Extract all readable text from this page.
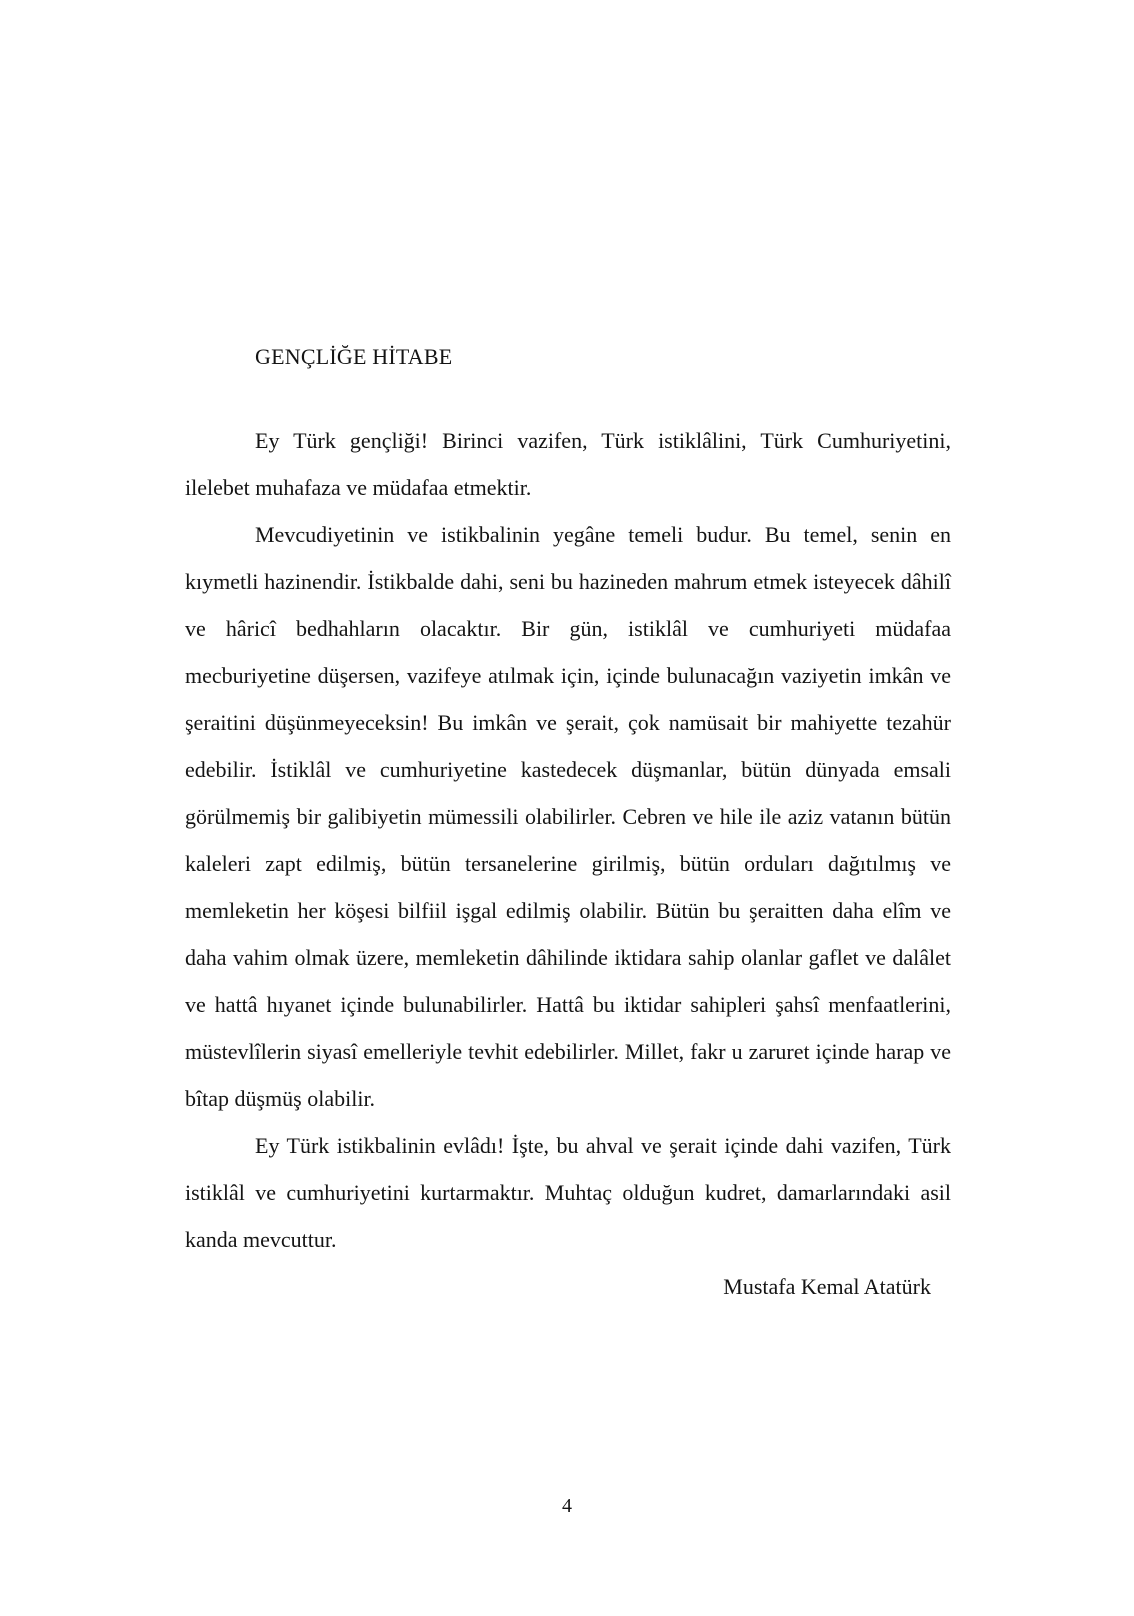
GENÇLİĞE HİTABE

Ey Türk gençliği! Birinci vazifen, Türk istiklâlini, Türk Cumhuriyetini, ilelebet muhafaza ve müdafaa etmektir.

Mevcudiyetinin ve istikbalinin yegâne temeli budur. Bu temel, senin en kıymetli hazinendir. İstikbalde dahi, seni bu hazineden mahrum etmek isteyecek dâhilî ve hâricî bedhahların olacaktır. Bir gün, istiklâl ve cumhuriyeti müdafaa mecburiyetine düşersen, vazifeye atılmak için, içinde bulunacağın vaziyetin imkân ve şeraitini düşünmeyeceksin! Bu imkân ve şerait, çok namüsait bir mahiyette tezahür edebilir. İstiklâl ve cumhuriyetine kastedecek düşmanlar, bütün dünyada emsali görülmemiş bir galibiyetin mümessili olabilirler. Cebren ve hile ile aziz vatanın bütün kaleleri zapt edilmiş, bütün tersanelerine girilmiş, bütün orduları dağıtılmış ve memleketin her köşesi bilfiil işgal edilmiş olabilir. Bütün bu şeraitten daha elîm ve daha vahim olmak üzere, memleketin dâhilinde iktidara sahip olanlar gaflet ve dalâlet ve hattâ hıyanet içinde bulunabilirler. Hattâ bu iktidar sahipleri şahsî menfaatlerini, müstevlîlerin siyasî emelleriyle tevhit edebilirler. Millet, fakr u zaruret içinde harap ve bîtap düşmüş olabilir.

Ey Türk istikbalinin evlâdı! İşte, bu ahval ve şerait içinde dahi vazifen, Türk istiklâl ve cumhuriyetini kurtarmaktır. Muhtaç olduğun kudret, damarlarındaki asil kanda mevcuttur.

Mustafa Kemal Atatürk

4
